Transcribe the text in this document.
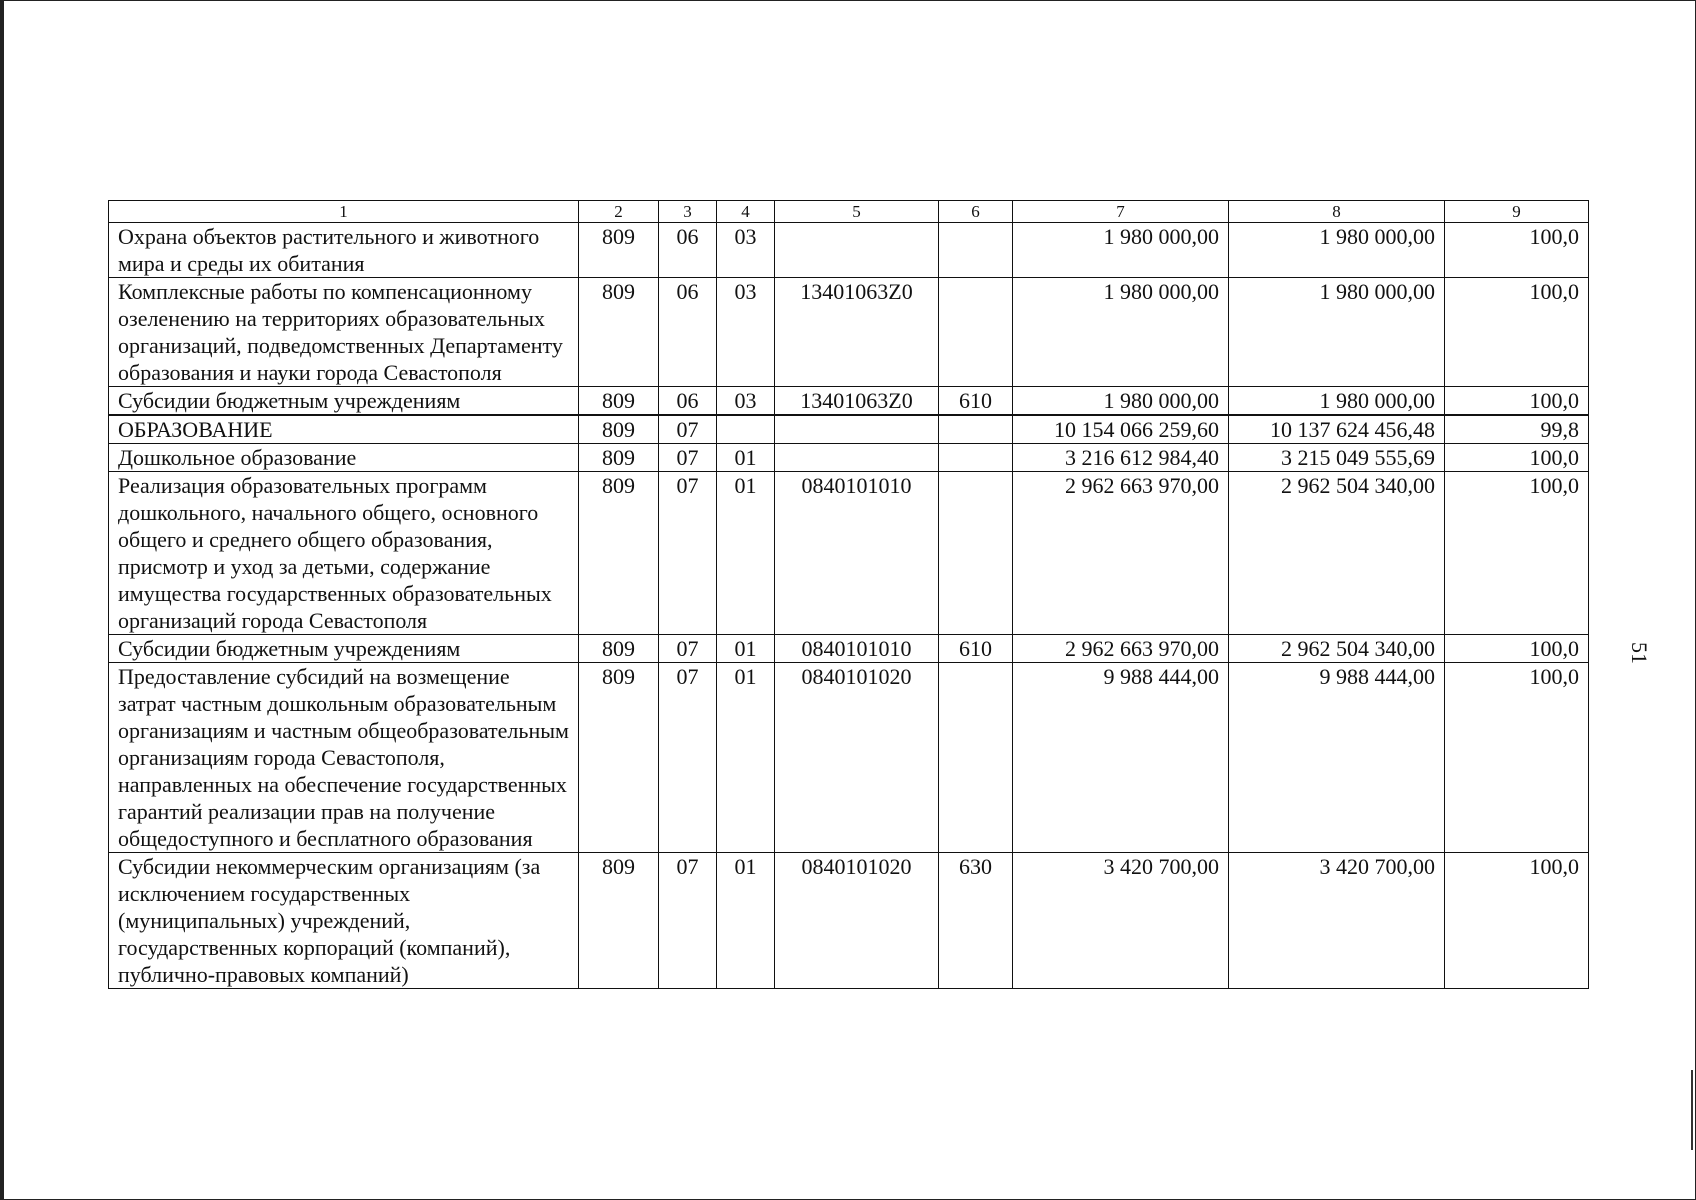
1	2	3	4	5	6	7	8	9
Охрана объектов растительного и животного мира и среды их обитания	809	06	03			1 980 000,00	1 980 000,00	100,0
Комплексные работы по компенсационному озеленению на территориях образовательных организаций, подведомственных Департаменту образования и науки города Севастополя	809	06	03	13401063Z0		1 980 000,00	1 980 000,00	100,0
Субсидии бюджетным учреждениям	809	06	03	13401063Z0	610	1 980 000,00	1 980 000,00	100,0
ОБРАЗОВАНИЕ	809	07				10 154 066 259,60	10 137 624 456,48	99,8
Дошкольное образование	809	07	01			3 216 612 984,40	3 215 049 555,69	100,0
Реализация образовательных программ дошкольного, начального общего, основного общего и среднего общего образования, присмотр и уход за детьми, содержание имущества государственных образовательных организаций города Севастополя	809	07	01	0840101010		2 962 663 970,00	2 962 504 340,00	100,0
Субсидии бюджетным учреждениям	809	07	01	0840101010	610	2 962 663 970,00	2 962 504 340,00	100,0
Предоставление субсидий на возмещение затрат частным дошкольным образовательным организациям и частным общеобразовательным организациям города Севастополя, направленных на обеспечение государственных гарантий реализации прав на получение общедоступного и бесплатного образования	809	07	01	0840101020		9 988 444,00	9 988 444,00	100,0
Субсидии некоммерческим организациям (за исключением государственных (муниципальных) учреждений, государственных корпораций (компаний), публично-правовых компаний)	809	07	01	0840101020	630	3 420 700,00	3 420 700,00	100,0
51
